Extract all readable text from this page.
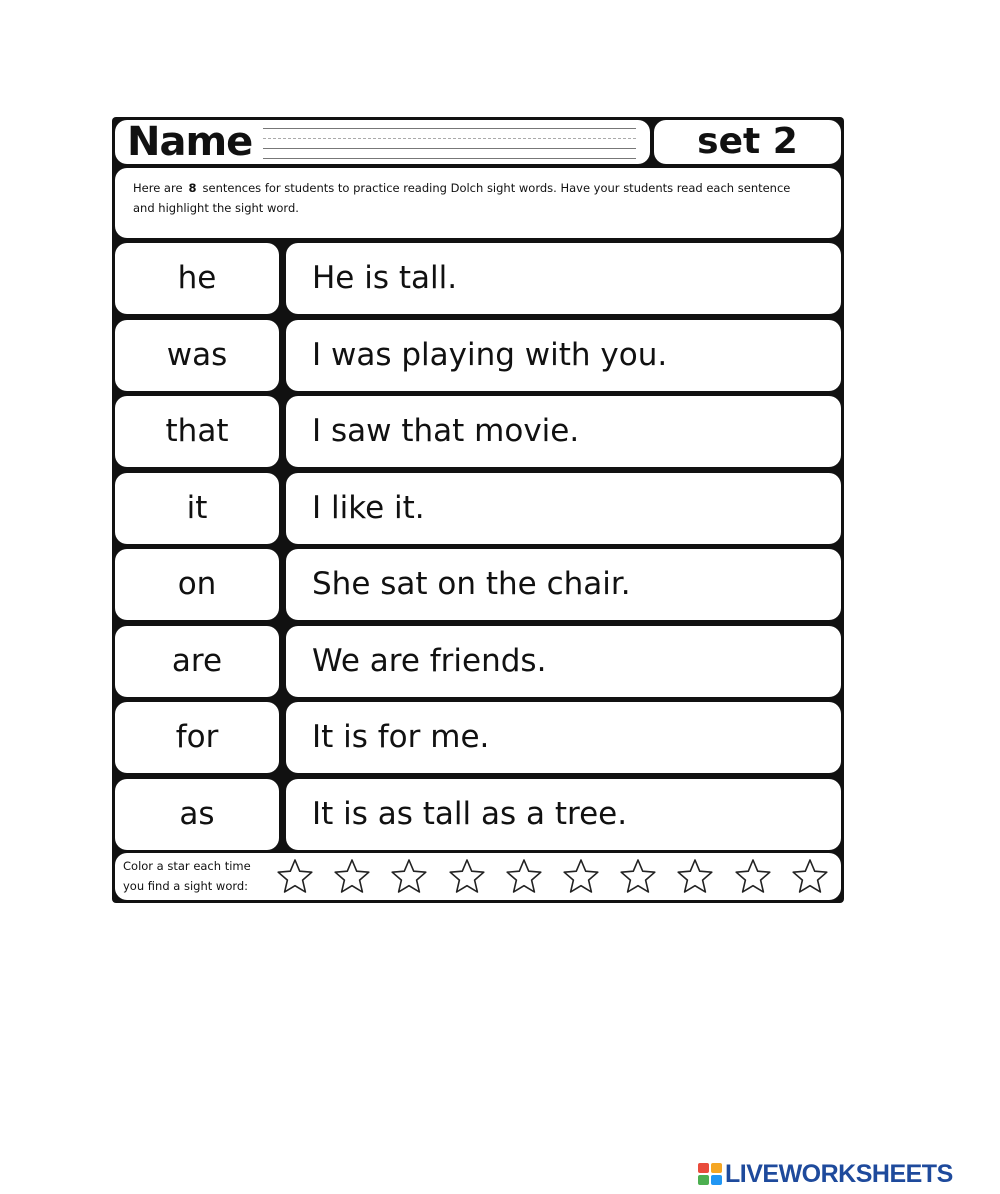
Name	set 2
Here are 8 sentences for students to practice reading Dolch sight words. Have your students read each sentence and highlight the sight word.
he	He is tall.
was	I was playing with you.
that	I saw that movie.
it	I like it.
on	She sat on the chair.
are	We are friends.
for	It is for me.
as	It is as tall as a tree.
Color a star each time
you find a sight word:
LIVEWORKSHEETS
